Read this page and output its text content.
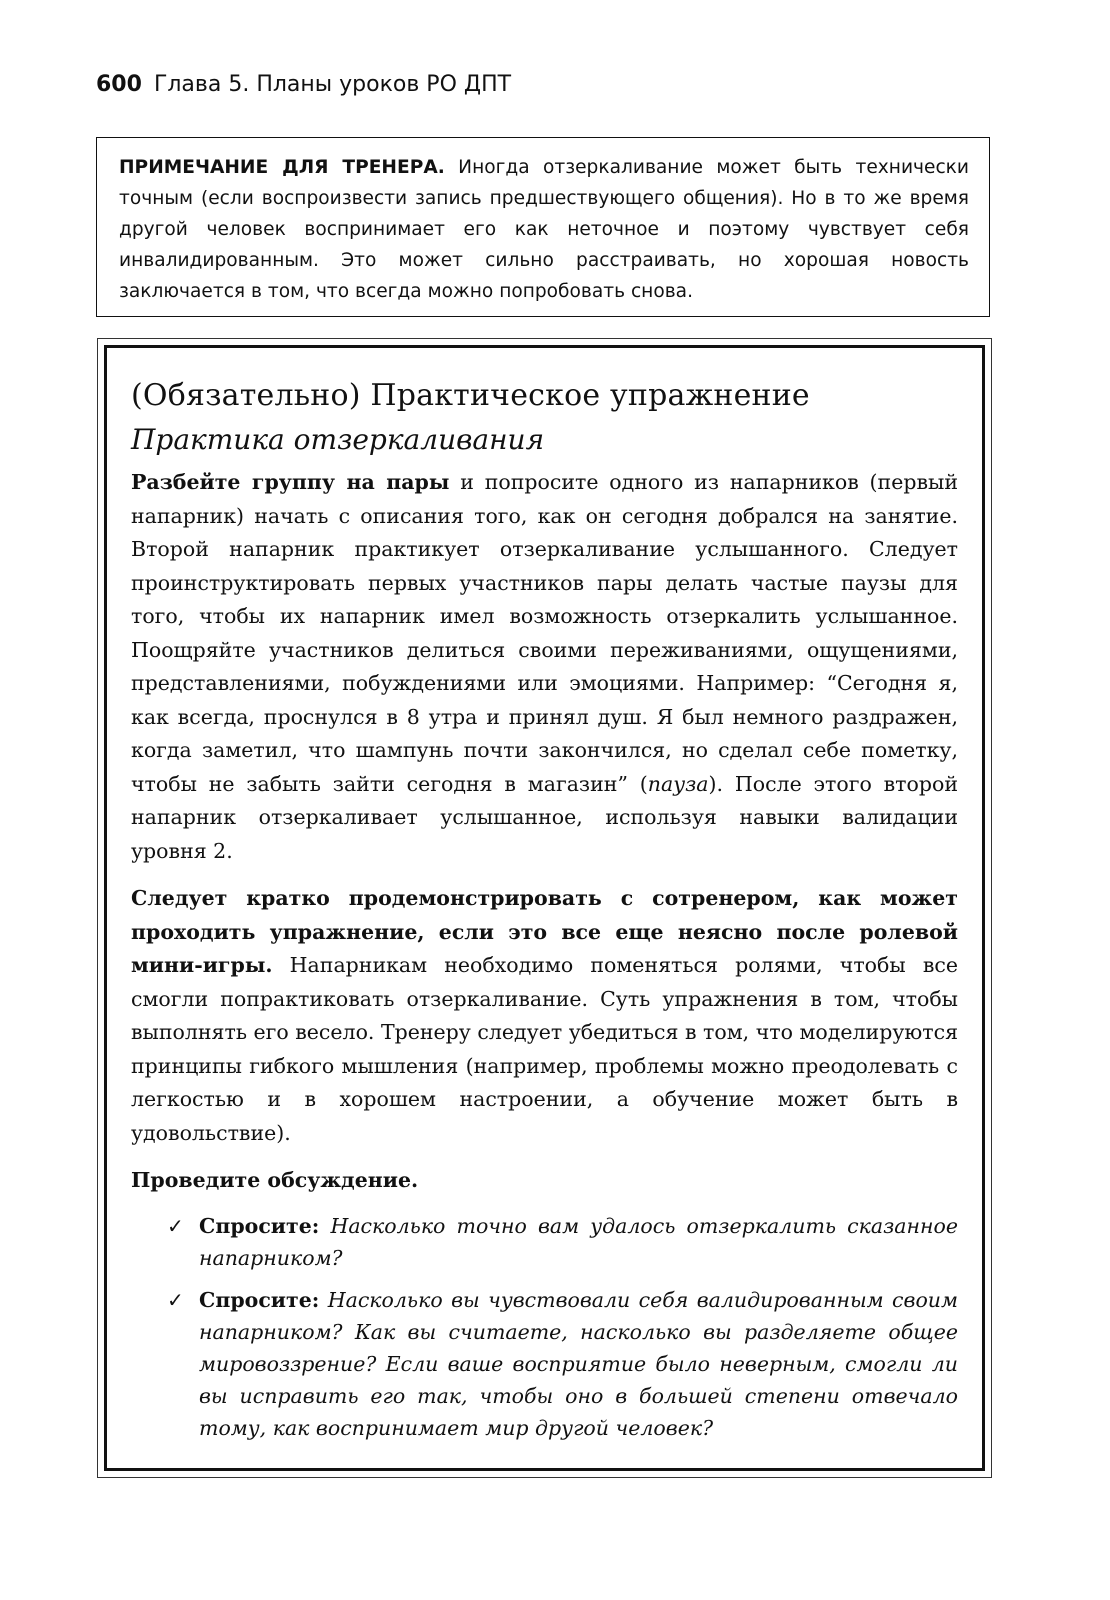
600 Глава 5. Планы уроков РО ДПТ

ПРИМЕЧАНИЕ ДЛЯ ТРЕНЕРА. Иногда отзеркаливание может быть технически точным (если воспроизвести запись предшествующего общения). Но в то же время другой человек воспринимает его как неточное и поэтому чувствует себя инвалидированным. Это может сильно расстраивать, но хорошая новость заключается в том, что всегда можно попробовать снова.

(Обязательно) Практическое упражнение
Практика отзеркаливания

Разбейте группу на пары и попросите одного из напарников (первый напарник) начать с описания того, как он сегодня добрался на занятие. Второй напарник практикует отзеркаливание услышанного. Следует проинструктировать первых участников пары делать частые паузы для того, чтобы их напарник имел возможность отзеркалить услышанное. Поощряйте участников делиться своими переживаниями, ощущениями, представлениями, побуждениями или эмоциями. Например: “Сегодня я, как всегда, проснулся в 8 утра и принял душ. Я был немного раздражен, когда заметил, что шампунь почти закончился, но сделал себе пометку, чтобы не забыть зайти сегодня в магазин” (пауза). После этого второй напарник отзеркаливает услышанное, используя навыки валидации уровня 2.

Следует кратко продемонстрировать с сотренером, как может проходить упражнение, если это все еще неясно после ролевой мини-игры. Напарникам необходимо поменяться ролями, чтобы все смогли попрактиковать отзеркаливание. Суть упражнения в том, чтобы выполнять его весело. Тренеру следует убедиться в том, что моделируются принципы гибкого мышления (например, проблемы можно преодолевать с легкостью и в хорошем настроении, а обучение может быть в удовольствие).

Проведите обсуждение.
✓ Спросите: Насколько точно вам удалось отзеркалить сказанное напарником?
✓ Спросите: Насколько вы чувствовали себя валидированным своим напарником? Как вы считаете, насколько вы разделяете общее мировоззрение? Если ваше восприятие было неверным, смогли ли вы исправить его так, чтобы оно в большей степени отвечало тому, как воспринимает мир другой человек?
